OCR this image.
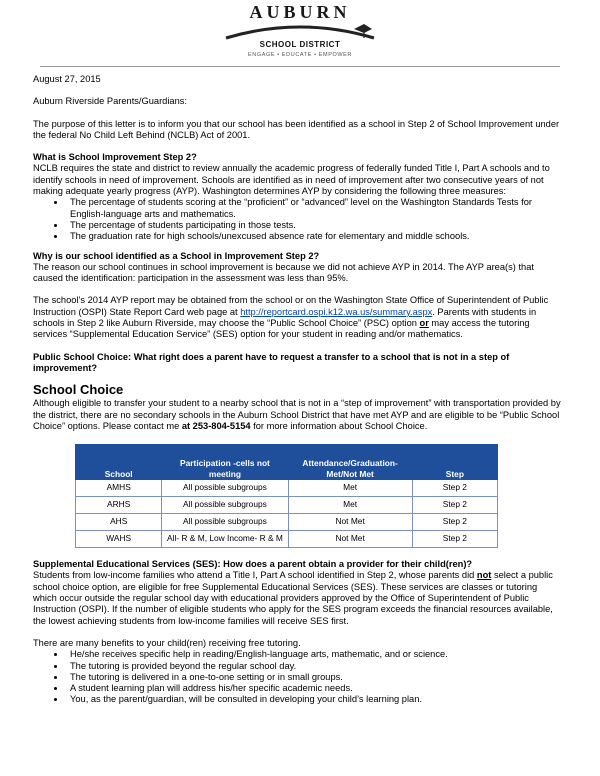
AUBURN
SCHOOL DISTRICT
ENGAGE • EDUCATE • EMPOWER

August 27, 2015

Auburn Riverside Parents/Guardians:

The purpose of this letter is to inform you that our school has been identified as a school in Step 2 of School Improvement under the federal No Child Left Behind (NCLB) Act of 2001.

What is School Improvement Step 2?

NCLB requires the state and district to review annually the academic progress of federally funded Title I, Part A schools and to identify schools in need of improvement. Schools are identified as in need of improvement after two consecutive years of not making adequate yearly progress (AYP). Washington determines AYP by considering the following three measures:

• The percentage of students scoring at the “proficient” or “advanced” level on the Washington Standards Tests for English-language arts and mathematics.
• The percentage of students participating in those tests.
• The graduation rate for high schools/unexcused absence rate for elementary and middle schools.

Why is our school identified as a School in Improvement Step 2?

The reason our school continues in school improvement is because we did not achieve AYP in 2014. The AYP area(s) that caused the identification: participation in the assessment was less than 95%.

The school’s 2014 AYP report may be obtained from the school or on the Washington State Office of Superintendent of Public Instruction (OSPI) State Report Card web page at http://reportcard.ospi.k12.wa.us/summary.aspx. Parents with students in schools in Step 2 like Auburn Riverside, may choose the “Public School Choice” (PSC) option or may access the tutoring services “Supplemental Education Service” (SES) option for your student in reading and/or mathematics.

Public School Choice: What right does a parent have to request a transfer to a school that is not in a step of improvement?

School Choice

Although eligible to transfer your student to a nearby school that is not in a “step of improvement” with transportation provided by the district, there are no secondary schools in the Auburn School District that have met AYP and are eligible to be “Public School Choice” options. Please contact me at 253-804-5154 for more information about School Choice.

School	Participation -cells not meeting	Attendance/Graduation-Met/Not Met	Step
AMHS	All possible subgroups	Met	Step 2
ARHS	All possible subgroups	Met	Step 2
AHS	All possible subgroups	Not Met	Step 2
WAHS	All- R & M, Low Income- R & M	Not Met	Step 2

Supplemental Educational Services (SES): How does a parent obtain a provider for their child(ren)?

Students from low-income families who attend a Title I, Part A school identified in Step 2, whose parents did not select a public school choice option, are eligible for free Supplemental Educational Services (SES). These services are classes or tutoring which occur outside the regular school day with educational providers approved by the Office of Superintendent of Public Instruction (OSPI). If the number of eligible students who apply for the SES program exceeds the financial resources available, the lowest achieving students from low-income families will receive SES first.

There are many benefits to your child(ren) receiving free tutoring.

• He/she receives specific help in reading/English-language arts, mathematic, and or science.
• The tutoring is provided beyond the regular school day.
• The tutoring is delivered in a one-to-one setting or in small groups.
• A student learning plan will address his/her specific academic needs.
• You, as the parent/guardian, will be consulted in developing your child’s learning plan.
